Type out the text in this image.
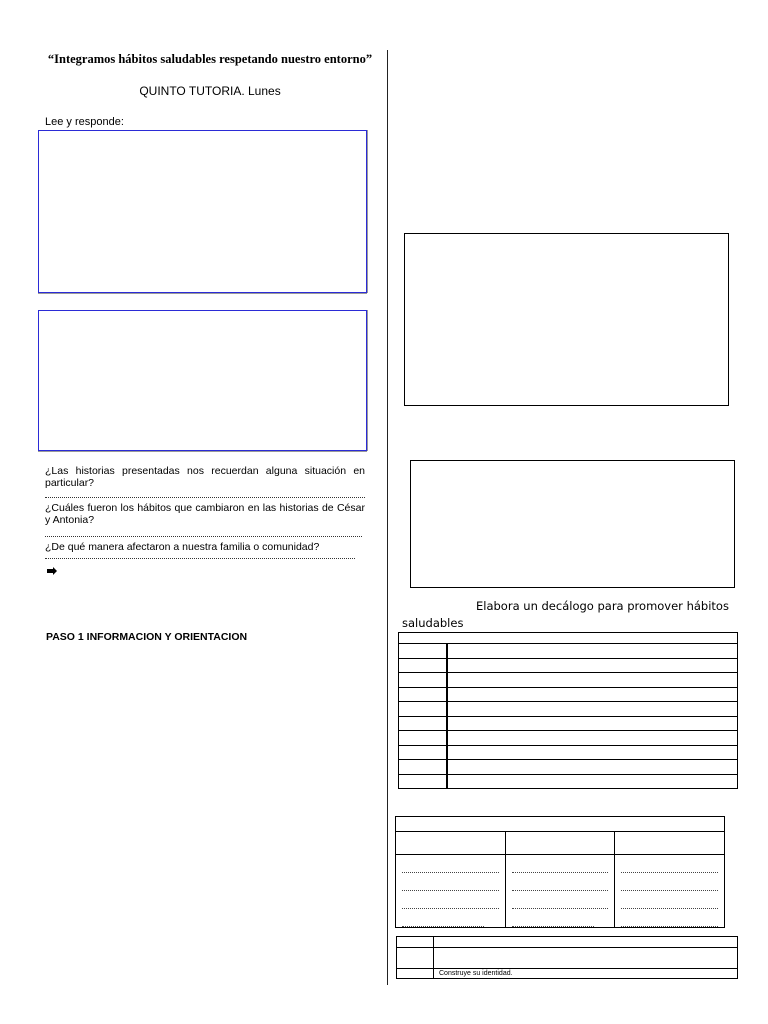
“Integramos hábitos saludables respetando nuestro entorno”
QUINTO TUTORIA. Lunes
Lee y responde:
¿Las historias presentadas nos recuerdan alguna situación en particular?
¿Cuáles fueron los hábitos que cambiaron en las historias de César y Antonia?
¿De qué manera afectaron a nuestra familia o comunidad?
PASO 1 INFORMACION Y ORIENTACION
Elabora un decálogo para promover hábitos
saludables

	Construye su identidad.
